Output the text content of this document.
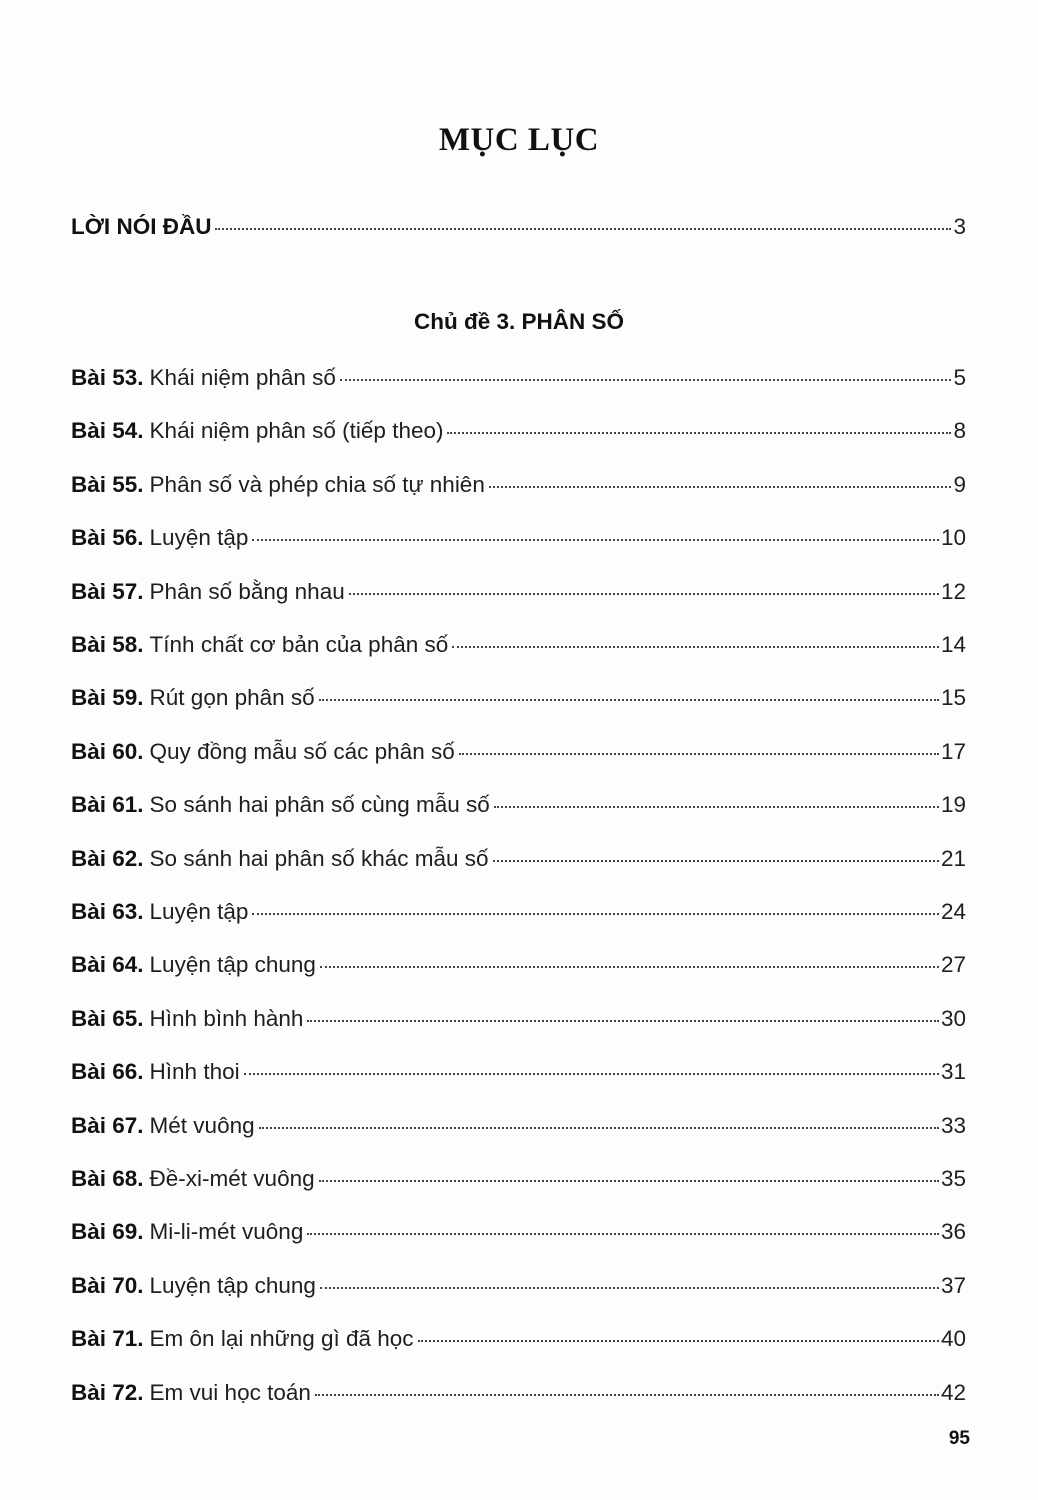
MỤC LỤC
LỜI NÓI ĐẦU	3
Chủ đề 3. PHÂN SỐ
Bài 53. Khái niệm phân số	5
Bài 54. Khái niệm phân số (tiếp theo)	8
Bài 55. Phân số và phép chia số tự nhiên	9
Bài 56. Luyện tập	10
Bài 57. Phân số bằng nhau	12
Bài 58. Tính chất cơ bản của phân số	14
Bài 59. Rút gọn phân số	15
Bài 60. Quy đồng mẫu số các phân số	17
Bài 61. So sánh hai phân số cùng mẫu số	19
Bài 62. So sánh hai phân số khác mẫu số	21
Bài 63. Luyện tập	24
Bài 64. Luyện tập chung	27
Bài 65. Hình bình hành	30
Bài 66. Hình thoi	31
Bài 67. Mét vuông	33
Bài 68. Đề-xi-mét vuông	35
Bài 69. Mi-li-mét vuông	36
Bài 70. Luyện tập chung	37
Bài 71. Em ôn lại những gì đã học	40
Bài 72. Em vui học toán	42
95
